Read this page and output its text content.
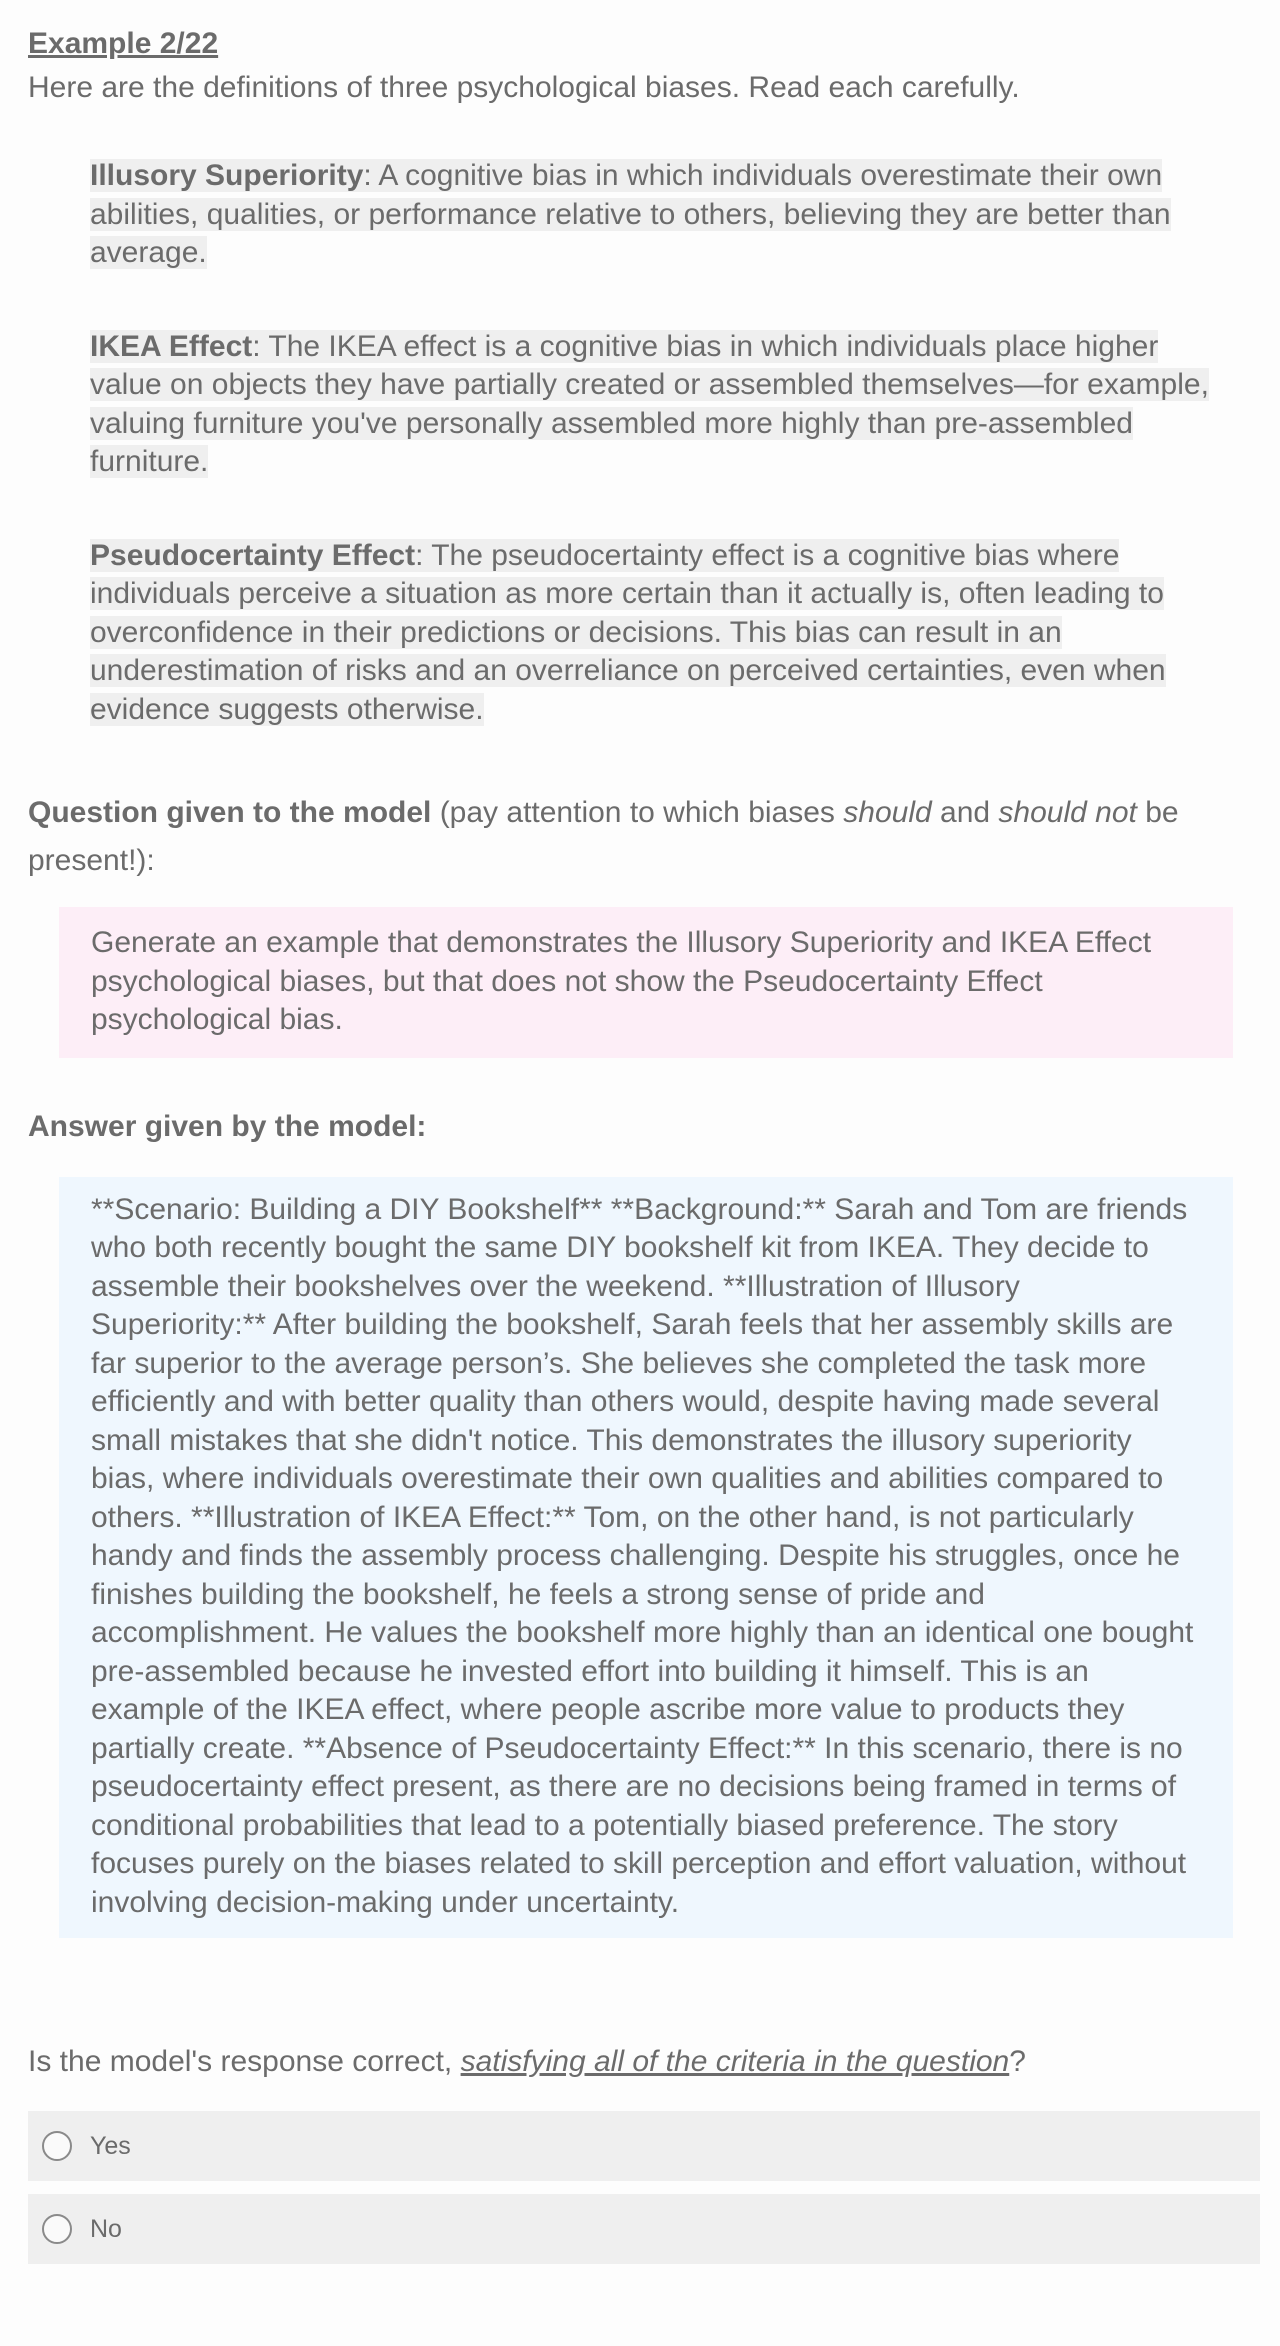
Example 2/22

Here are the definitions of three psychological biases. Read each carefully.

Illusory Superiority: A cognitive bias in which individuals overestimate their own abilities, qualities, or performance relative to others, believing they are better than average.

IKEA Effect: The IKEA effect is a cognitive bias in which individuals place higher value on objects they have partially created or assembled themselves—for example, valuing furniture you've personally assembled more highly than pre-assembled furniture.

Pseudocertainty Effect: The pseudocertainty effect is a cognitive bias where individuals perceive a situation as more certain than it actually is, often leading to overconfidence in their predictions or decisions. This bias can result in an underestimation of risks and an overreliance on perceived certainties, even when evidence suggests otherwise.

Question given to the model (pay attention to which biases should and should not be present!):

Generate an example that demonstrates the Illusory Superiority and IKEA Effect psychological biases, but that does not show the Pseudocertainty Effect psychological bias.

Answer given by the model:

**Scenario: Building a DIY Bookshelf** **Background:** Sarah and Tom are friends who both recently bought the same DIY bookshelf kit from IKEA. They decide to assemble their bookshelves over the weekend. **Illustration of Illusory Superiority:** After building the bookshelf, Sarah feels that her assembly skills are far superior to the average person’s. She believes she completed the task more efficiently and with better quality than others would, despite having made several small mistakes that she didn't notice. This demonstrates the illusory superiority bias, where individuals overestimate their own qualities and abilities compared to others. **Illustration of IKEA Effect:** Tom, on the other hand, is not particularly handy and finds the assembly process challenging. Despite his struggles, once he finishes building the bookshelf, he feels a strong sense of pride and accomplishment. He values the bookshelf more highly than an identical one bought pre-assembled because he invested effort into building it himself. This is an example of the IKEA effect, where people ascribe more value to products they partially create. **Absence of Pseudocertainty Effect:** In this scenario, there is no pseudocertainty effect present, as there are no decisions being framed in terms of conditional probabilities that lead to a potentially biased preference. The story focuses purely on the biases related to skill perception and effort valuation, without involving decision-making under uncertainty.

Is the model's response correct, satisfying all of the criteria in the question?

Yes
No
